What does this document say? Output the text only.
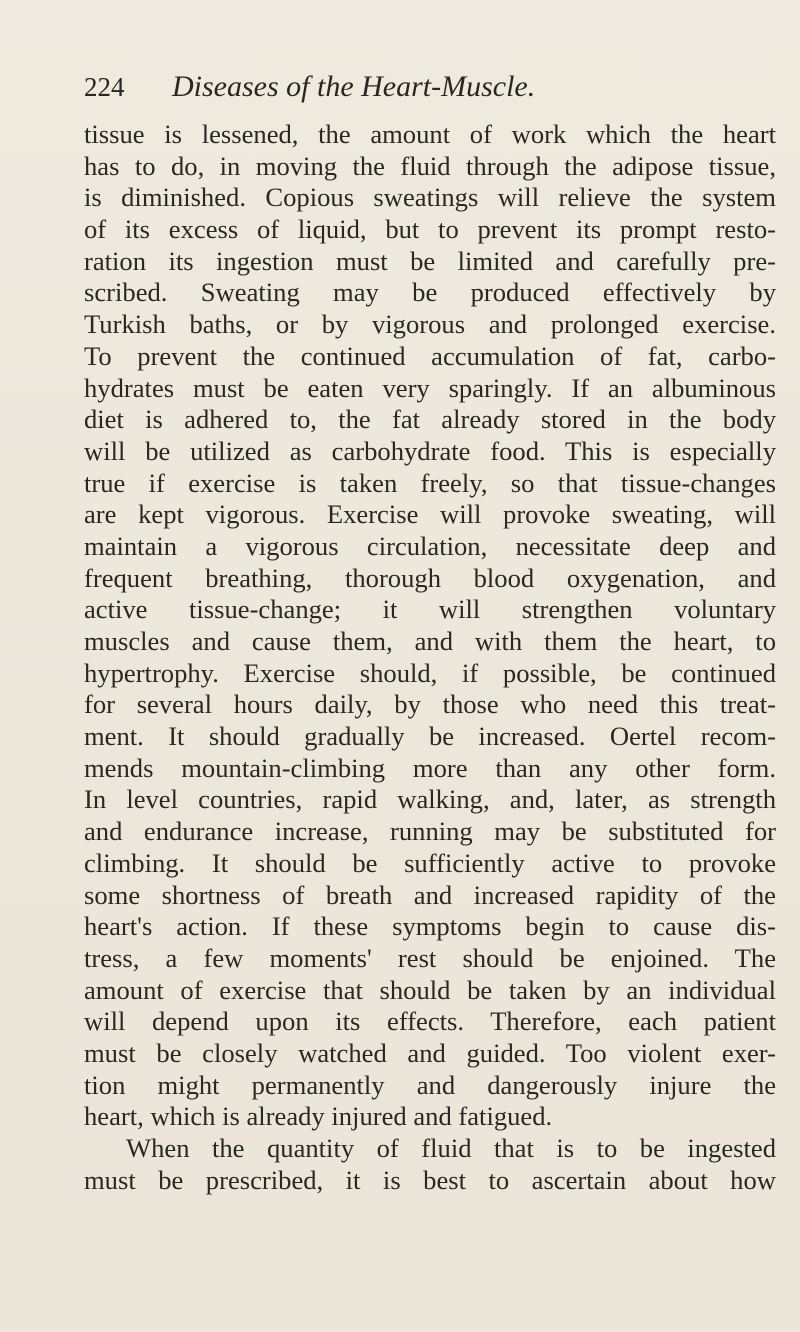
224 Diseases of the Heart-Muscle.
tissue is lessened, the amount of work which the heart
has to do, in moving the fluid through the adipose tissue,
is diminished. Copious sweatings will relieve the system
of its excess of liquid, but to prevent its prompt resto-
ration its ingestion must be limited and carefully pre-
scribed. Sweating may be produced effectively by
Turkish baths, or by vigorous and prolonged exercise.
To prevent the continued accumulation of fat, carbo-
hydrates must be eaten very sparingly. If an albuminous
diet is adhered to, the fat already stored in the body
will be utilized as carbohydrate food. This is especially
true if exercise is taken freely, so that tissue-changes
are kept vigorous. Exercise will provoke sweating, will
maintain a vigorous circulation, necessitate deep and
frequent breathing, thorough blood oxygenation, and
active tissue-change; it will strengthen voluntary
muscles and cause them, and with them the heart, to
hypertrophy. Exercise should, if possible, be continued
for several hours daily, by those who need this treat-
ment. It should gradually be increased. Oertel recom-
mends mountain-climbing more than any other form.
In level countries, rapid walking, and, later, as strength
and endurance increase, running may be substituted for
climbing. It should be sufficiently active to provoke
some shortness of breath and increased rapidity of the
heart's action. If these symptoms begin to cause dis-
tress, a few moments' rest should be enjoined. The
amount of exercise that should be taken by an individual
will depend upon its effects. Therefore, each patient
must be closely watched and guided. Too violent exer-
tion might permanently and dangerously injure the
heart, which is already injured and fatigued.
When the quantity of fluid that is to be ingested
must be prescribed, it is best to ascertain about how
